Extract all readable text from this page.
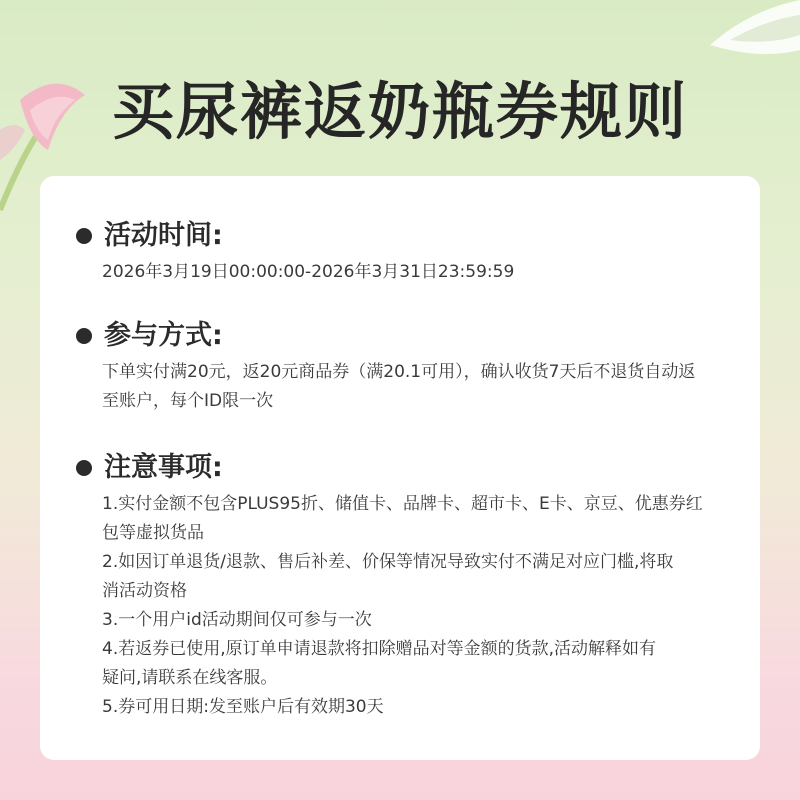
买尿裤返奶瓶券规则
活动时间:
2026年3月19日00:00:00-2026年3月31日23:59:59
参与方式:
下单实付满20元，返20元商品券（满20.1可用），确认收货7天后不退货自动返
至账户，每个ID限一次
注意事项:
1.实付金额不包含PLUS95折、储值卡、品牌卡、超市卡、E卡、京豆、优惠券红
包等虚拟货品
2.如因订单退货/退款、售后补差、价保等情况导致实付不满足对应门槛,将取
消活动资格
3.一个用户id活动期间仅可参与一次
4.若返券已使用,原订单申请退款将扣除赠品对等金额的货款,活动解释如有
疑问,请联系在线客服。
5.券可用日期:发至账户后有效期30天
